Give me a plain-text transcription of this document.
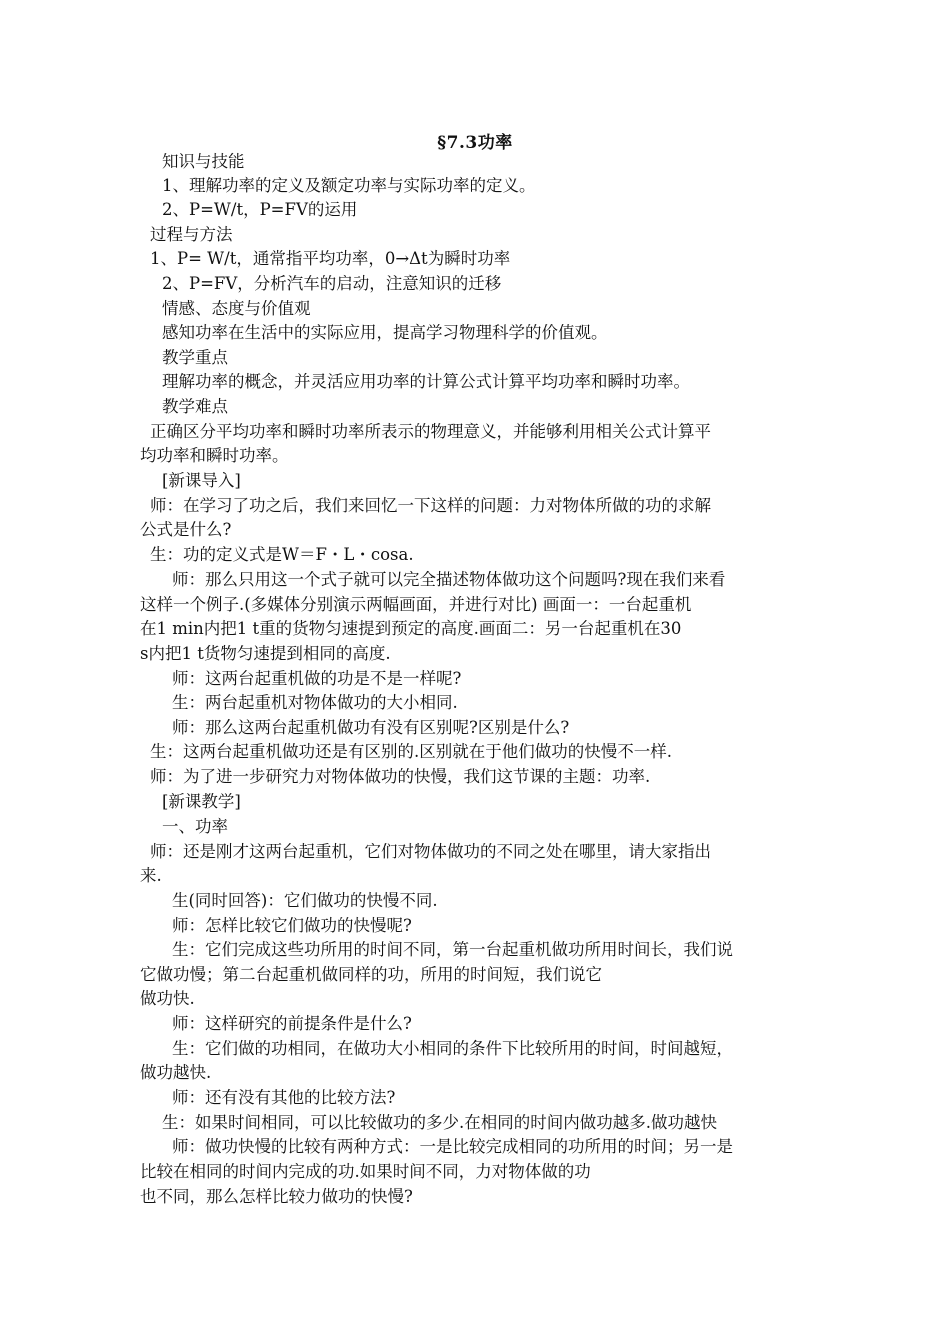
§7.3功率
知识与技能
1、理解功率的定义及额定功率与实际功率的定义。
2、P=W/t，P=FV的运用
过程与方法
1、P= W/t，通常指平均功率，0→Δt为瞬时功率
2、P=FV，分析汽车的启动，注意知识的迁移
情感、态度与价值观
感知功率在生活中的实际应用，提高学习物理科学的价值观。
教学重点
理解功率的概念，并灵活应用功率的计算公式计算平均功率和瞬时功率。
教学难点
正确区分平均功率和瞬时功率所表示的物理意义，并能够利用相关公式计算平
均功率和瞬时功率。
[新课导入]
师：在学习了功之后，我们来回忆一下这样的问题：力对物体所做的功的求解
公式是什么?
生：功的定义式是W＝F・L・cosa.
师：那么只用这一个式子就可以完全描述物体做功这个问题吗?现在我们来看
这样一个例子.(多媒体分别演示两幅画面，并进行对比) 画面一：一台起重机
在1 min内把1 t重的货物匀速提到预定的高度.画面二：另一台起重机在30
s内把1 t货物匀速提到相同的高度.
师：这两台起重机做的功是不是一样呢?
生：两台起重机对物体做功的大小相同.
师：那么这两台起重机做功有没有区别呢?区别是什么?
生：这两台起重机做功还是有区别的.区别就在于他们做功的快慢不一样.
师：为了进一步研究力对物体做功的快慢，我们这节课的主题：功率.
[新课教学]
一、功率
师：还是刚才这两台起重机，它们对物体做功的不同之处在哪里，请大家指出
来.
生(同时回答)：它们做功的快慢不同.
师：怎样比较它们做功的快慢呢?
生：它们完成这些功所用的时间不同，第一台起重机做功所用时间长，我们说
它做功慢；第二台起重机做同样的功，所用的时间短，我们说它
做功快.
师：这样研究的前提条件是什么?
生：它们做的功相同，在做功大小相同的条件下比较所用的时间，时间越短，
做功越快.
师：还有没有其他的比较方法?
生：如果时间相同，可以比较做功的多少.在相同的时间内做功越多.做功越快
师：做功快慢的比较有两种方式：一是比较完成相同的功所用的时间；另一是
比较在相同的时间内完成的功.如果时间不同，力对物体做的功
也不同，那么怎样比较力做功的快慢?
